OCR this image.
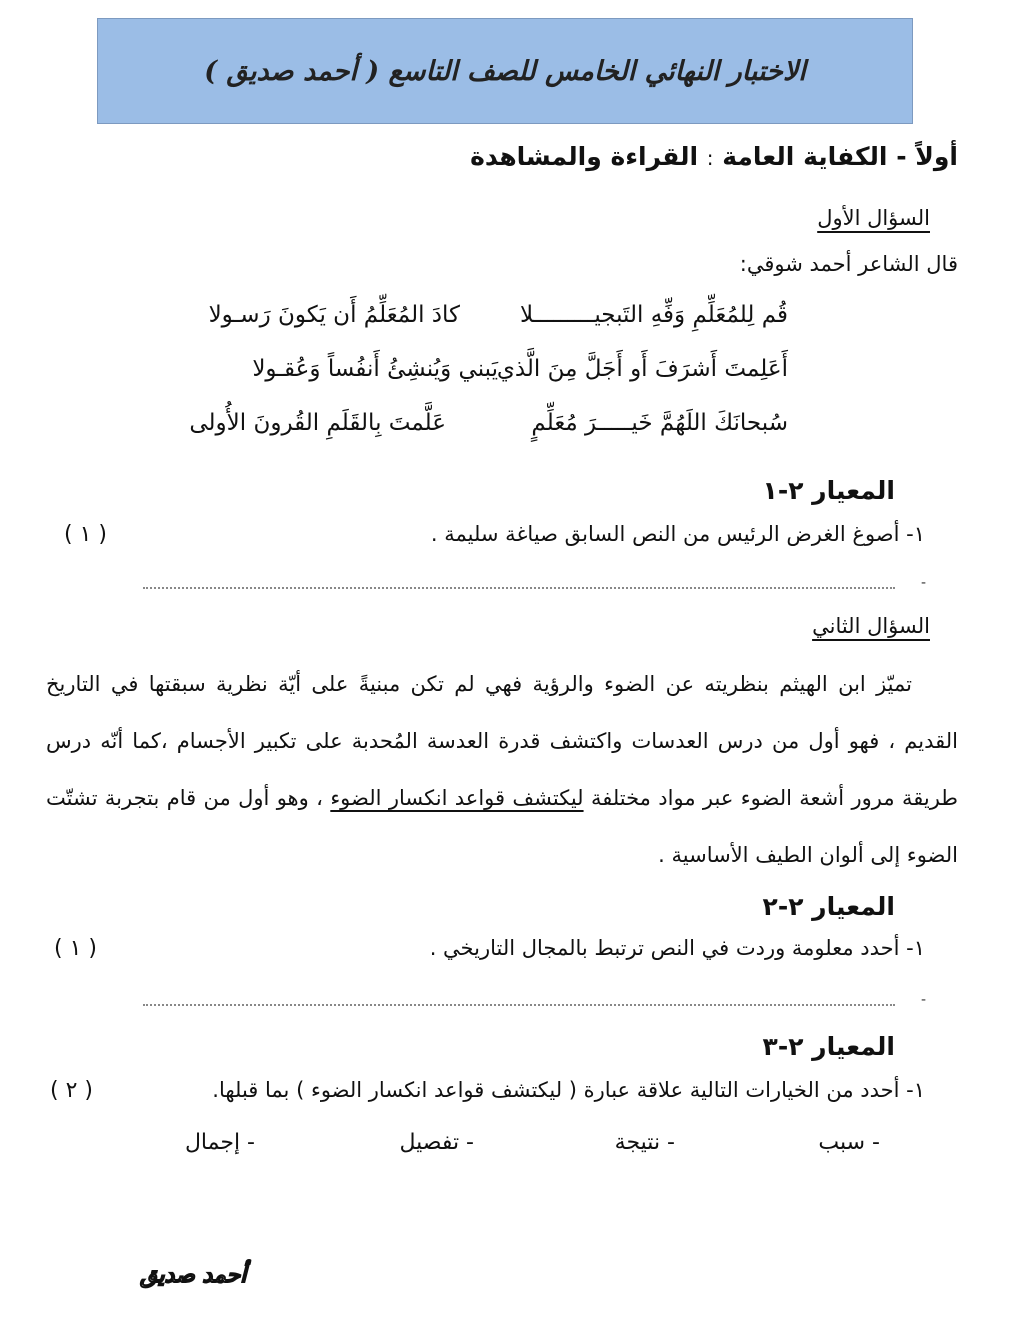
الاختبار النهائي الخامس للصف التاسع ( أحمد صديق )
أولاً - الكفاية العامة : القراءة والمشاهدة
السؤال الأول
قال الشاعر أحمد شوقي:
قُم لِلمُعَلِّمِ وَفِّهِ التَبجيـــــــــلا
كادَ المُعَلِّمُ أَن يَكونَ رَسـولا
أَعَلِمتَ أَشرَفَ أَو أَجَلَّ مِنَ الَّذي
يَبني وَيُنشِئُ أَنفُساً وَعُقـولا
سُبحانَكَ اللَهُمَّ خَيـــــرَ مُعَلِّمٍ
عَلَّمتَ بِالقَلَمِ القُرونَ الأُولى
المعيار ٢-١
١- أصوغ الغرض الرئيس من النص السابق صياغة سليمة .
( ١ )
-
السؤال الثاني
تميّز ابن الهيثم بنظريته عن الضوء والرؤية فهي لم تكن مبنيةً على أيّة نظرية سبقتها في التاريخ القديم ، فهو أول من درس العدسات واكتشف قدرة العدسة المُحدبة على تكبير الأجسام ،كما أنّه درس طريقة مرور أشعة الضوء عبر مواد مختلفة ليكتشف قواعد انكسار الضوء ، وهو أول من قام بتجربة تشتّت الضوء إلى ألوان الطيف الأساسية .
المعيار ٢-٢
١- أحدد معلومة وردت في النص ترتبط بالمجال التاريخي .
( ١ )
-
المعيار ٢-٣
١- أحدد من الخيارات التالية علاقة عبارة ( ليكتشف قواعد انكسار الضوء ) بما قبلها.
( ٢ )
- سبب
- نتيجة
- تفصيل
- إجمال
أحمد صديق
